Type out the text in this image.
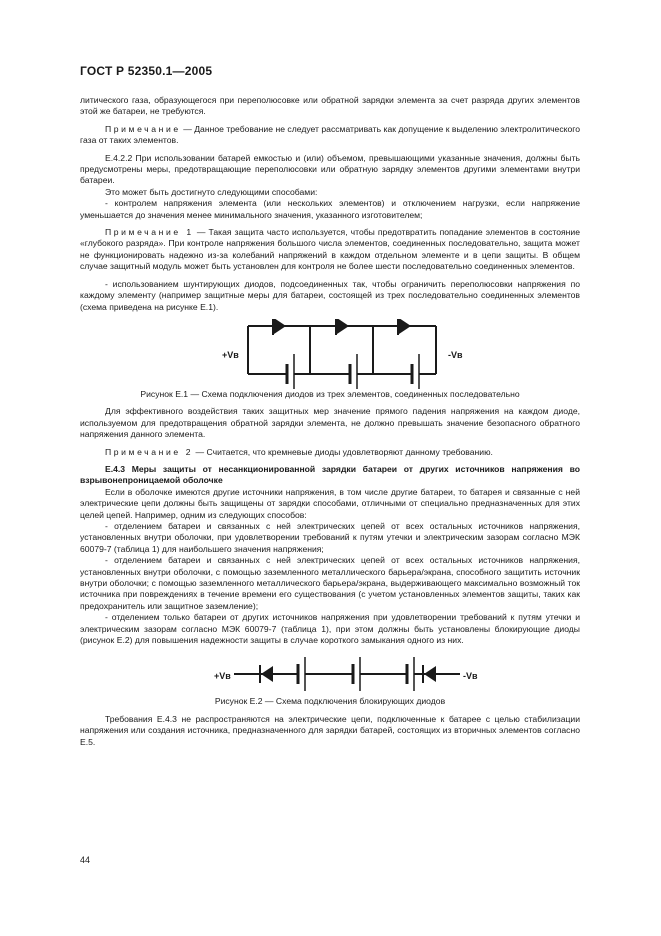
ГОСТ Р 52350.1—2005

литического газа, образующегося при переполюсовке или обратной зарядки элемента за счет разряда других элементов этой же батареи, не требуются.

Примечание — Данное требование не следует рассматривать как допущение к выделению электролитического газа от таких элементов.

Е.4.2.2 При использовании батарей емкостью и (или) объемом, превышающими указанные значения, должны быть предусмотрены меры, предотвращающие переполюсовки или обратную зарядку элементов другими элементами внутри батареи.

Это может быть достигнуто следующими способами:

- контролем напряжения элемента (или нескольких элементов) и отключением нагрузки, если напряжение уменьшается до значения менее минимального значения, указанного изготовителем;

Примечание 1 — Такая защита часто используется, чтобы предотвратить попадание элементов в состояние «глубокого разряда». При контроле напряжения большого числа элементов, соединенных последовательно, защита может не функционировать надежно из-за колебаний напряжений в каждом отдельном элементе и в цепи защиты. В общем случае защитный модуль может быть установлен для контроля не более шести последовательно соединенных элементов.

- использованием шунтирующих диодов, подсоединенных так, чтобы ограничить переполюсовки напряжения по каждому элементу (например защитные меры для батареи, состоящей из трех последовательно соединенных элементов (схема приведена на рисунке Е.1).

+Vв	-Vв

Рисунок Е.1 — Схема подключения диодов из трех элементов, соединенных последовательно

Для эффективного воздействия таких защитных мер значение прямого падения напряжения на каждом диоде, используемом для предотвращения обратной зарядки элемента, не должно превышать значение безопасного обратного напряжения данного элемента.

Примечание 2 — Считается, что кремневые диоды удовлетворяют данному требованию.

Е.4.3 Меры защиты от несанкционированной зарядки батареи от других источников напряжения во взрывонепроницаемой оболочке

Если в оболочке имеются другие источники напряжения, в том числе другие батареи, то батарея и связанные с ней электрические цепи должны быть защищены от зарядки способами, отличными от специально предназначенных для этих целей цепей. Например, одним из следующих способов:

- отделением батареи и связанных с ней электрических цепей от всех остальных источников напряжения, установленных внутри оболочки, при удовлетворении требований к путям утечки и электрическим зазорам согласно МЭК 60079-7 (таблица 1) для наибольшего значения напряжения;

- отделением батареи и связанных с ней электрических цепей от всех остальных источников напряжения, установленных внутри оболочки, с помощью заземленного металлического барьера/экрана, способного защитить источник внутри оболочки; с помощью заземленного металлического барьера/экрана, выдерживающего максимально возможный ток источника при повреждениях в течение времени его существования (с учетом установленных элементов защиты, таких как предохранитель или защитное заземление);

- отделением только батареи от других источников напряжения при удовлетворении требований к путям утечки и электрическим зазорам согласно МЭК 60079-7 (таблица 1), при этом должны быть установлены блокирующие диоды (рисунок Е.2) для повышения надежности защиты в случае короткого замыкания одного из них.

+Vв	-Vв

Рисунок Е.2 — Схема подключения блокирующих диодов

Требования Е.4.3 не распространяются на электрические цепи, подключенные к батарее с целью стабилизации напряжения или создания источника, предназначенного для зарядки батарей, состоящих из вторичных элементов согласно Е.5.

44
